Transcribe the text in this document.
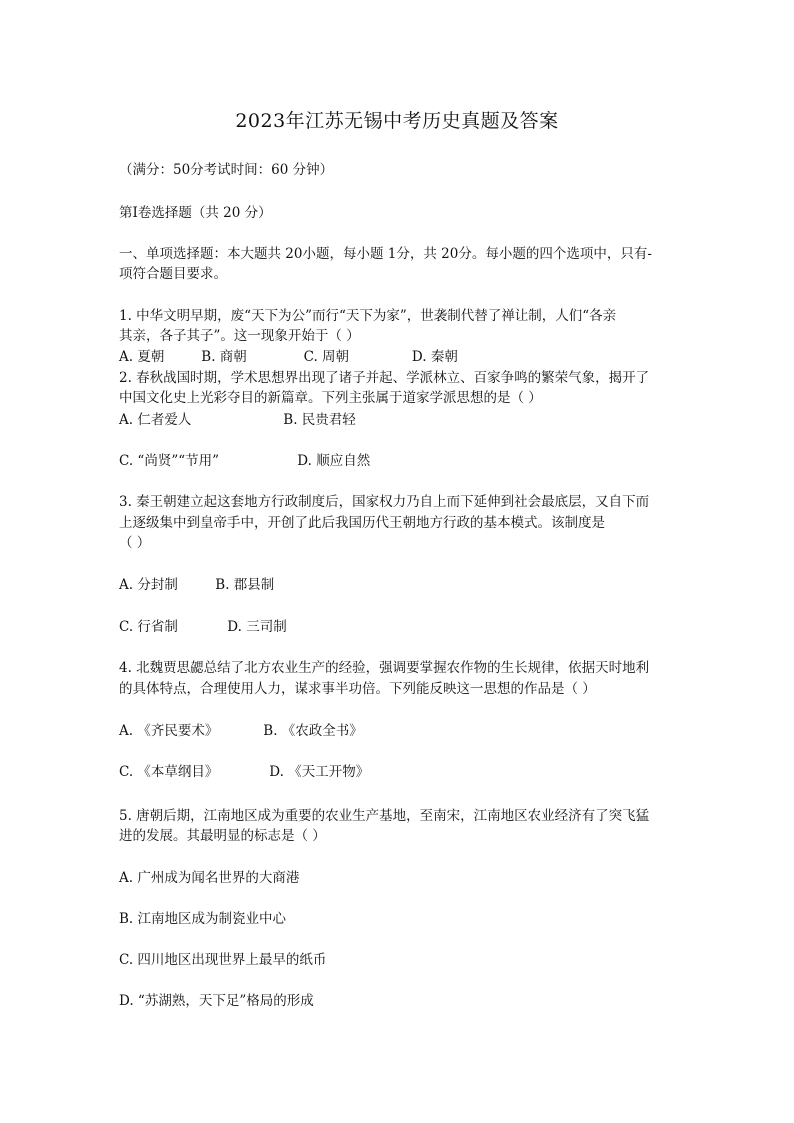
2023年江苏无锡中考历史真题及答案
（满分：50分考试时间：60 分钟）
第Ⅰ卷选择题（共 20 分）
一、单项选择题：本大题共 20小题，每小题 1分，共 20分。每小题的四个选项中，只有-
项符合题目要求。
1. 中华文明早期，废“天下为公”而行“天下为家”，世袭制代替了禅让制，人们“各亲
其亲，各子其子”。这一现象开始于（ ）
A. 夏朝	B. 商朝	C. 周朝	D. 秦朝
2. 春秋战国时期，学术思想界出现了诸子并起、学派林立、百家争鸣的繁荣气象，揭开了
中国文化史上光彩夺目的新篇章。下列主张属于道家学派思想的是（ ）
A. 仁者爱人	B. 民贵君轻
C. “尚贤”“节用”	D. 顺应自然
3. 秦王朝建立起这套地方行政制度后，国家权力乃自上而下延伸到社会最底层，又自下而
上逐级集中到皇帝手中，开创了此后我国历代王朝地方行政的基本模式。该制度是
（ ）
A. 分封制	B. 郡县制
C. 行省制	D. 三司制
4. 北魏贾思勰总结了北方农业生产的经验，强调要掌握农作物的生长规律，依据天时地利
的具体特点，合理使用人力，谋求事半功倍。下列能反映这一思想的作品是（ ）
A. 《齐民要术》	B. 《农政全书》
C. 《本草纲目》	D. 《天工开物》
5. 唐朝后期，江南地区成为重要的农业生产基地，至南宋，江南地区农业经济有了突飞猛
进的发展。其最明显的标志是（ ）
A. 广州成为闻名世界的大商港
B. 江南地区成为制瓷业中心
C. 四川地区出现世界上最早的纸币
D. “苏湖熟，天下足”格局的形成
